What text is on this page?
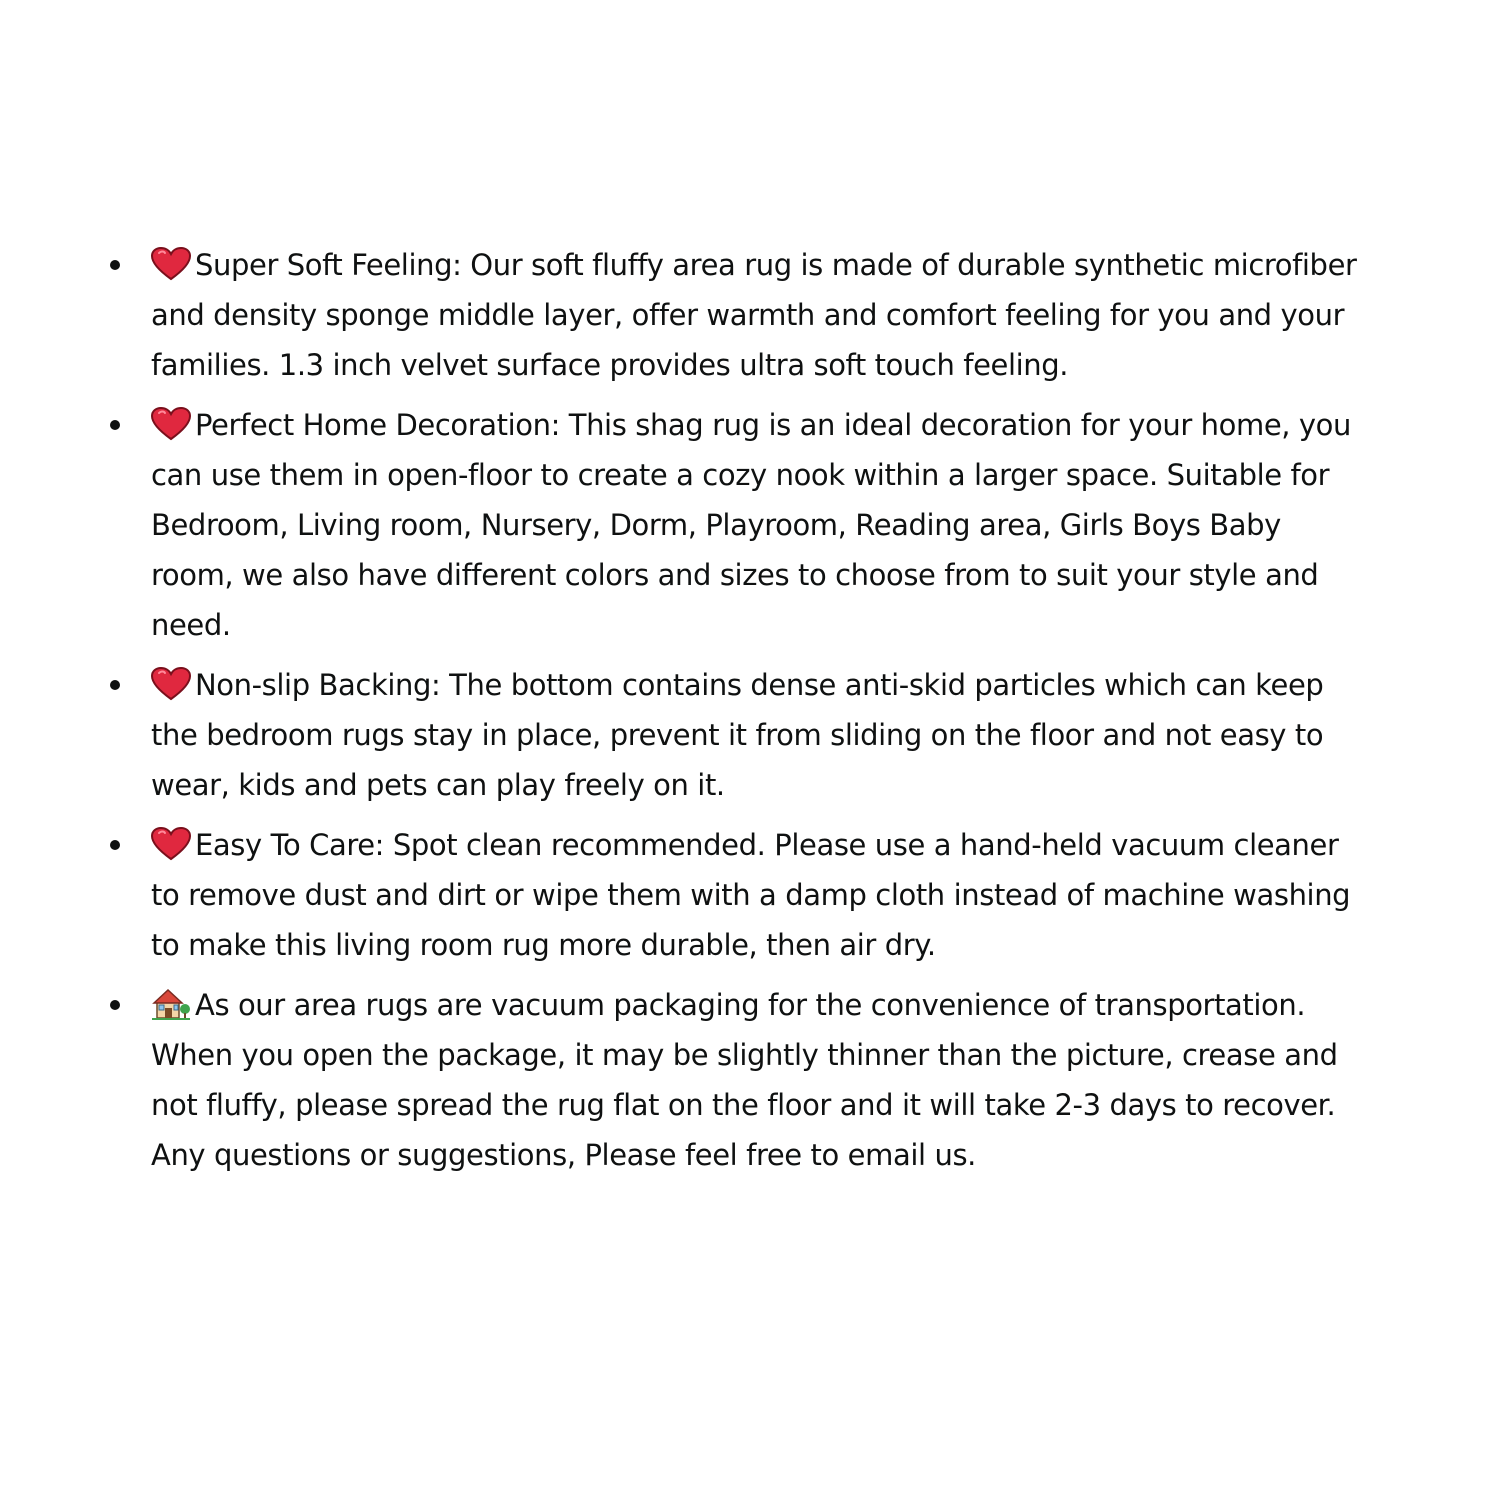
Super Soft Feeling: Our soft fluffy area rug is made of durable synthetic microfiber and density sponge middle layer, offer warmth and comfort feeling for you and your families. 1.3 inch velvet surface provides ultra soft touch feeling.
Perfect Home Decoration: This shag rug is an ideal decoration for your home, you can use them in open-floor to create a cozy nook within a larger space. Suitable for Bedroom, Living room, Nursery, Dorm, Playroom, Reading area, Girls Boys Baby room, we also have different colors and sizes to choose from to suit your style and need.
Non-slip Backing: The bottom contains dense anti-skid particles which can keep the bedroom rugs stay in place, prevent it from sliding on the floor and not easy to wear, kids and pets can play freely on it.
Easy To Care: Spot clean recommended. Please use a hand-held vacuum cleaner to remove dust and dirt or wipe them with a damp cloth instead of machine washing to make this living room rug more durable, then air dry.
As our area rugs are vacuum packaging for the convenience of transportation. When you open the package, it may be slightly thinner than the picture, crease and not fluffy, please spread the rug flat on the floor and it will take 2-3 days to recover. Any questions or suggestions, Please feel free to email us.
